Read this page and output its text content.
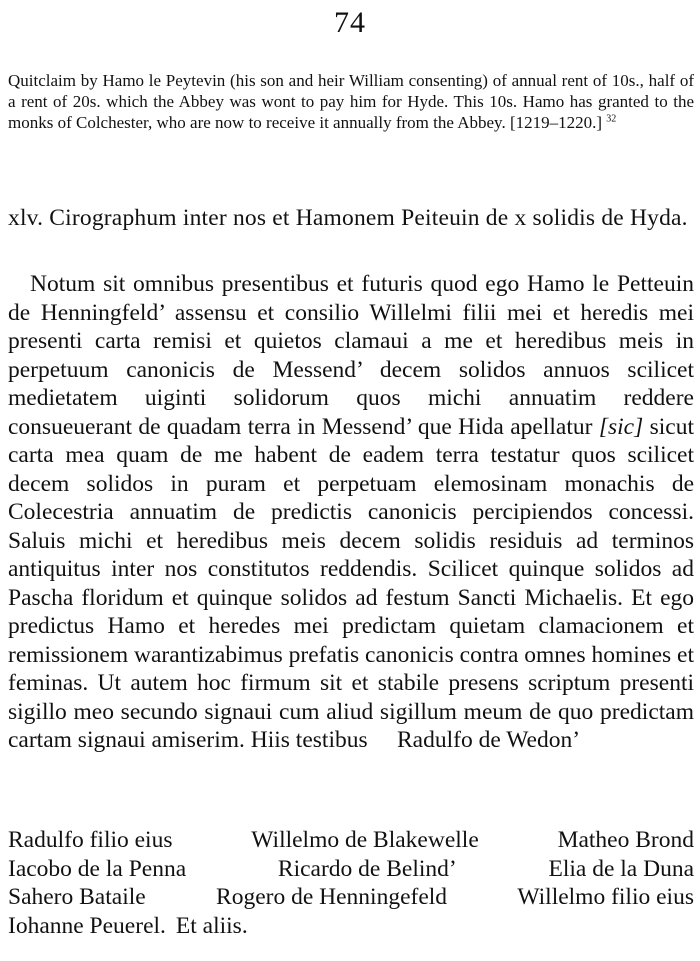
74
Quitclaim by Hamo le Peytevin (his son and heir William consenting) of annual rent of 10s., half of a rent of 20s. which the Abbey was wont to pay him for Hyde. This 10s. Hamo has granted to the monks of Colchester, who are now to receive it annually from the Abbey. [1219–1220.] $^{32}$
xlv. Cirographum inter nos et Hamonem Peiteuin de x solidis de Hyda.
Notum sit omnibus presentibus et futuris quod ego Hamo le Petteuin de Henningfeld’ assensu et consilio Willelmi filii mei et heredis mei presenti carta remisi et quietos clamaui a me et heredibus meis in perpetuum canonicis de Messend’ decem solidos annuos scilicet medietatem uiginti solidorum quos michi annuatim reddere consueuerant de quadam terra in Messend’ que Hida apellatur [sic] sicut carta mea quam de me habent de eadem terra testatur quos scilicet decem solidos in puram et perpetuam elemosinam monachis de Colecestria annuatim de predictis canonicis percipiendos concessi. Saluis michi et heredibus meis decem solidis residuis ad terminos antiquitus inter nos constitutos reddendis. Scilicet quinque solidos ad Pascha floridum et quinque solidos ad festum Sancti Michaelis. Et ego predictus Hamo et heredes mei predictam quietam clamacionem et remissionem warantizabimus prefatis canonicis contra omnes homines et feminas. Ut autem hoc firmum sit et stabile presens scriptum presenti sigillo meo secundo signaui cum aliud sigillum meum de quo predictam cartam signaui amiserim. Hiis testibus  Radulfo de Wedon’
Radulfo filio eius	Willelmo de Blakewelle	Matheo Brond
Iacobo de la Penna	Ricardo de Belind’	Elia de la Duna
Sahero Bataile	Rogero de Henningefeld	Willelmo filio eius
Iohanne Peuerel. Et aliis.
